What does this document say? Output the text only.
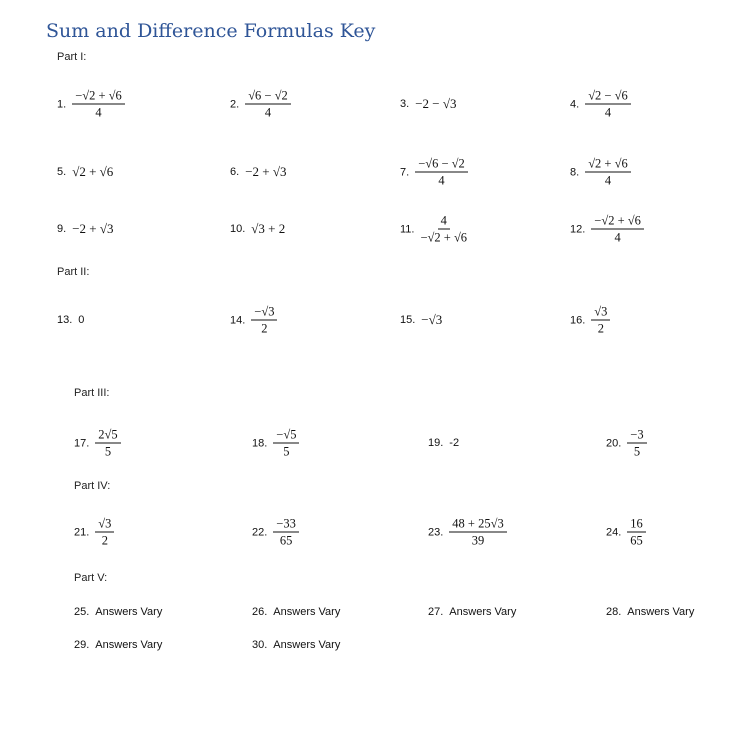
Sum and Difference Formulas Key
Part I:
Part II:
Part III:
Part IV:
Part V:
1. $\frac{-√2 + √6}{4}$	2. $\frac{√6 - √2}{4}$	3. −2 − √3	4. $\frac{√2 - √6}{4}$
5. √2 + √6	6. −2 + √3	7. $\frac{-√6 - √2}{4}$	8. $\frac{√2 + √6}{4}$
9. −2 + √3	10. √3 + 2	11. $\frac{4}{-√2 + √6}$	12. $\frac{-√2 + √6}{4}$
13. 0	14. $\frac{-√3}{2}$	15. −√3	16. $\frac{√3}{2}$
17. $\frac{2√5}{5}$	18. $\frac{-√5}{5}$	19. -2	20. $\frac{-3}{5}$
21. $\frac{√3}{2}$	22. $\frac{-33}{65}$	23. $\frac{48 + 25√3}{39}$	24. $\frac{16}{65}$
25. Answers Vary	26. Answers Vary	27. Answers Vary	28. Answers Vary
29. Answers Vary	30. Answers Vary
